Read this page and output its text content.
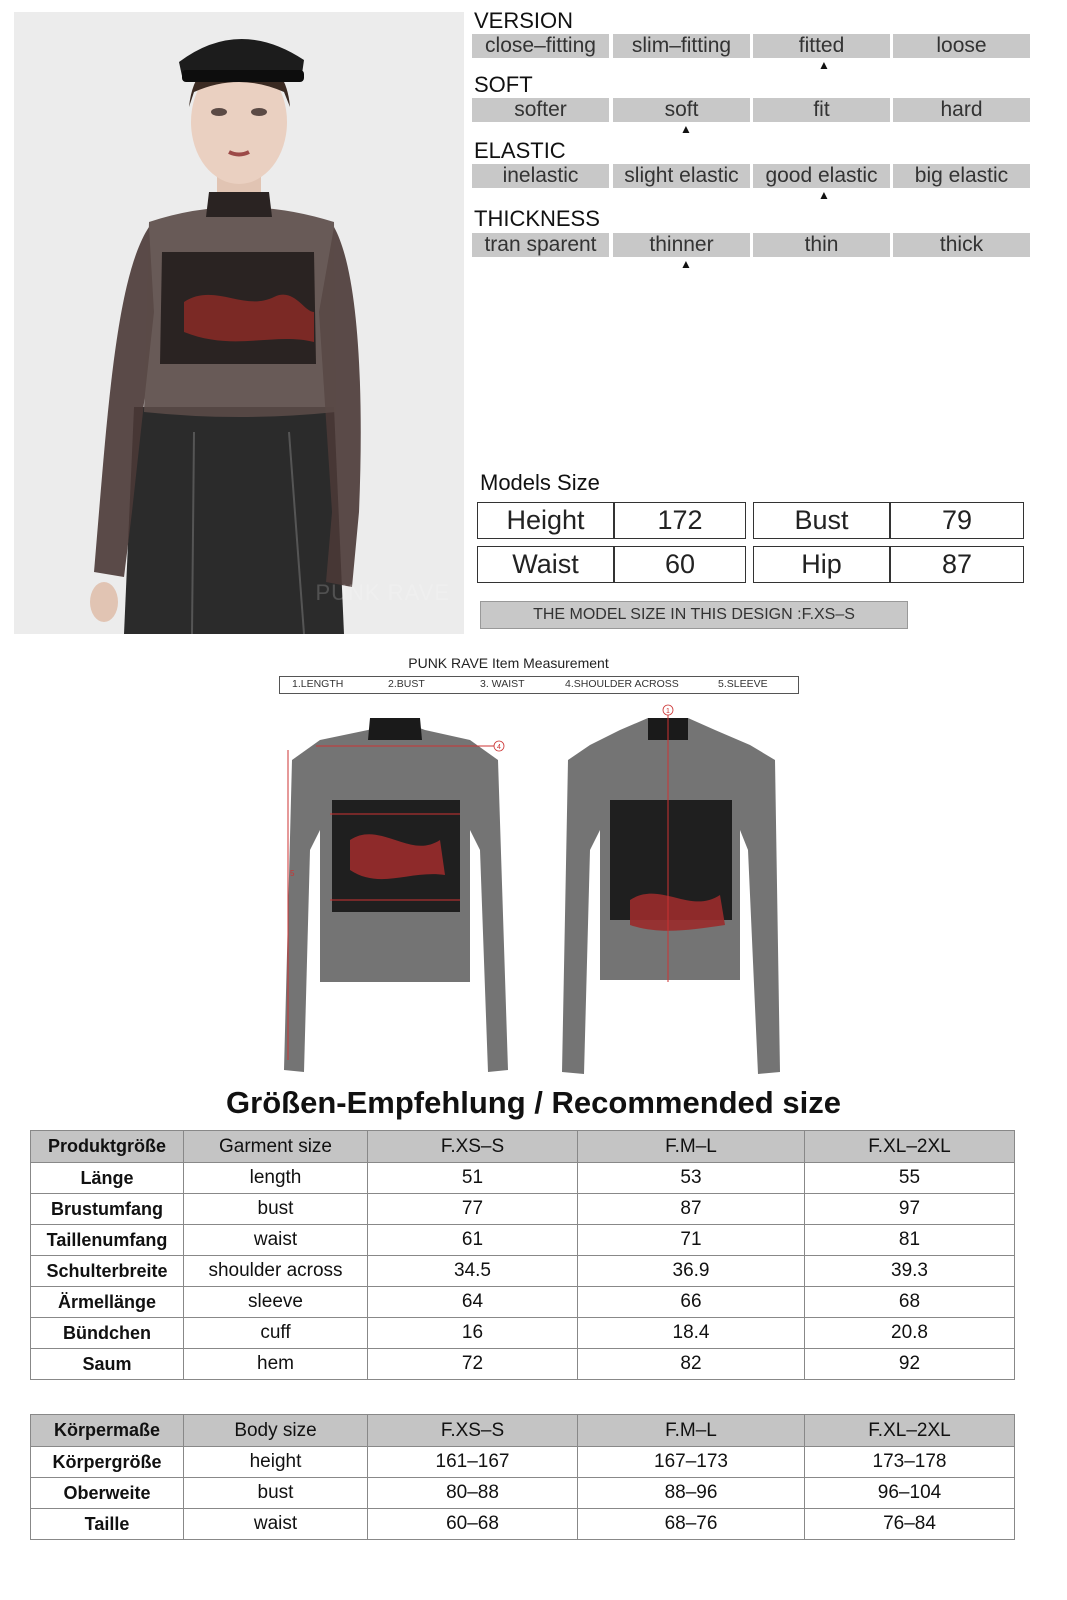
PUNK RAVE
VERSION
close–fitting	slim–fitting	fitted	loose
▲
SOFT
softer	soft	fit	hard
▲
ELASTIC
inelastic	slight elastic	good elastic	big elastic
▲
THICKNESS
tran sparent	thinner	thin	thick
▲
Models Size
Height	172	Bust	79
Waist	60	Hip	87
THE MODEL SIZE IN THIS DESIGN :F.XS–S
PUNK RAVE Item Measurement
1.LENGTH	2.BUST	3. WAIST	4.SHOULDER ACROSS	5.SLEEVE
4
5
1
Größen-Empfehlung / Recommended size
Produktgröße	Garment size	F.XS–S	F.M–L	F.XL–2XL
Länge	length	51	53	55
Brustumfang	bust	77	87	97
Taillenumfang	waist	61	71	81
Schulterbreite	shoulder across	34.5	36.9	39.3
Ärmellänge	sleeve	64	66	68
Bündchen	cuff	16	18.4	20.8
Saum	hem	72	82	92
Körpermaße	Body size	F.XS–S	F.M–L	F.XL–2XL
Körpergröße	height	161–167	167–173	173–178
Oberweite	bust	80–88	88–96	96–104
Taille	waist	60–68	68–76	76–84
